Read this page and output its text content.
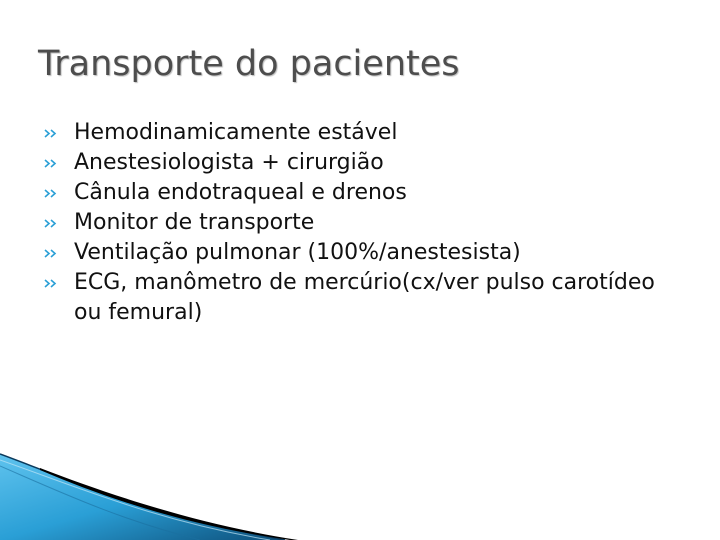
Transporte do pacientes
Hemodinamicamente estável
Anestesiologista + cirurgião
Cânula endotraqueal e drenos
Monitor de transporte
Ventilação pulmonar (100%/anestesista)
ECG, manômetro de mercúrio(cx/ver pulso carotídeo ou femural)
